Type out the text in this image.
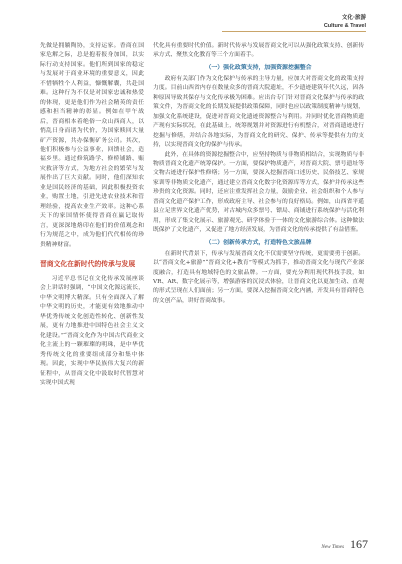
文化·旅游
Culture & Travel

先做是拥躺陶协，支持运家。香商在国家危解之际，总是抱着报身加国，以实际行动支持国家。他们所到国家的稳定与发展对于商业环境的重要意义，因此不惜牺牲个人利益，慷慨解囊，共赴国难。这种行为不仅是对国家忠诚和热爱的体现，更是他们作为社会精英的责任感和担当精神的彰显。例如在甲午战后，晋商相本着绝俗一众山西商人，以悄乱日身而诸为代价，为国家赎回大量矿产资源，共办保衡矿务公司。其次，他们积极参与公益事业，回馈社会，造福乡里。通过修筑路学、修桥铺路、赈灾救济等方式，为地方社会的繁荣与发展作出了巨大贡献。同时，他们深知农业是国民经济的基础，因此积极投资农业，购置土地，引进先进农业技术和管理经验，提高农业生产效率。这种心系天下的家国情怀使得晋商在赢记取传言，更深深地烙印在他们的价值观念和行为规范之中，成为他们代代相传的珍贵精神财富。

晋商文化在新时代的传承与发展

习近平总书记在文化传承发展座谈会上讲话时强调，“中国文化源远流长，中华文明博大精深。只有全面深入了解中华文明的历史，才能更有效地推动中华优秀传统文化创造性转化、创新性发展，更有力地推进中国特色社会主义文化建设。”“晋商文化作为中国古代商业文化主流上的一颗璀璨的明珠，是中华优秀传统文化的重要组成部分和集中体现。因此，实现中华民族伟大复兴的新征程中，从晋商文化中汲取时代智慧对实现中国式现

代化具有重要时代价值。新时代传承与发展晋商文化可以从强化政策支持、创新传承方式、聚焦文化教育等三个方面着手。

（一）强化政策支持，加强资源挖掘整合

政府有关部门作为文化保护与传承的主导力量，应加大对晋商文化的政策支持力度。目前山西省内存在数量众多的晋商大院遗址，不少遗迹建筑年代久远，因各种原因导致其保存与文化传承极为困难。应出台专门针对晋商文化保护与传承的政策文件，为晋商文化的长期发展提供政策保障，同时也应以政策制度精神与规划，加强文化系统建设，促进对晋商文化遗迹资源整合与利用。并同时优化晋商物质遗产现有实际状况，在此基础上，统筹规划并对资源进行有机整合，对晋商遗迹进行挖掘与修缮，并结合各地实际，为晋商文化的研究、保护、传承等提供有力的支持，以实现晋商文化的保护与传承。

此外，在具体的资源挖掘整合中，应坚持物质与非物质相结合，实现物质与非物质晋商文化遗产统筹保护。一方面，要保护物质遗产，对晋商大院、票号遗址等文物古迹进行保护性修缮；另一方面，要深入挖掘晋商口述历史、民俗技艺、家规家训等非物质文化遗产，通过建立晋商文化数字化资源库等方式，保护并传承这些珍贵的文化资源。同时，还应注重发挥社会力量，鼓励企业、社会组织和个人参与晋商文化遗产保护工作，形成政府主导、社会参与的良好格局。例如，山西省平遥县立足世界文化遗产优势，对古城内众多票号、镖局、商铺进行系统保护与活化利用，形成了集文化展示、旅游观光、研学体验于一体的文化旅游综合体。这种做法既保护了文化遗产，又促进了地方经济发展，为晋商文化的传承提供了有益借鉴。

（二）创新传承方式，打造特色文旅品牌

在新时代背景下，传承与发展晋商文化不仅需要坚守传统，更需要勇于创新。以“晋商文化+旅游”“晋商文化+教育”等模式为抓手，推动晋商文化与现代产业深度融合，打造具有地域特色的文旅品牌。一方面，要充分利用现代科技手段，如VR、AR、数字化展示等，增强游客的沉浸式体验，让晋商文化以更加生动、直观的形式呈现在人们面前；另一方面，要深入挖掘晋商文化内涵，开发具有晋商特色的文创产品，讲好晋商故事。

New Times 167
